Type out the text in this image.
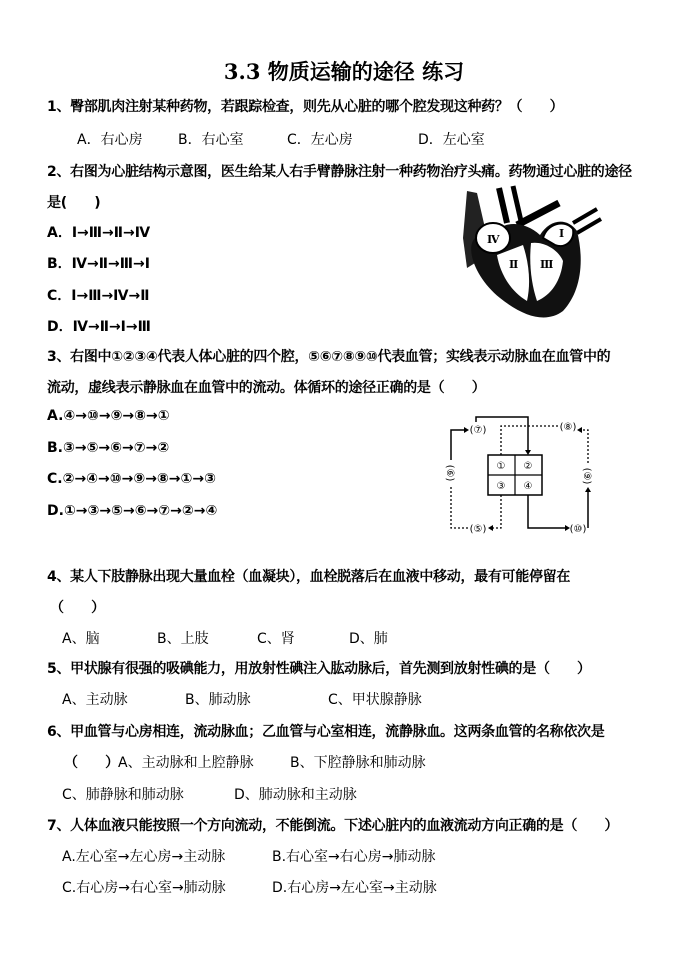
3.3 物质运输的途径 练习
1、臀部肌肉注射某种药物，若跟踪检查，则先从心脏的哪个腔发现这种药？（　　）
A．右心房	B．右心室	C．左心房	D．左心室
2、右图为心脏结构示意图，医生给某人右手臂静脉注射一种药物治疗头痛。药物通过心脏的途径
是(　　)
A．Ⅰ→Ⅲ→Ⅱ→Ⅳ
B．Ⅳ→Ⅱ→Ⅲ→Ⅰ
C．Ⅰ→Ⅲ→Ⅳ→Ⅱ
D．Ⅳ→Ⅱ→Ⅰ→Ⅲ
Ⅳ
Ⅱ Ⅲ
Ⅰ
3、右图中①②③④代表人体心脏的四个腔，⑤⑥⑦⑧⑨⑩代表血管；实线表示动脉血在血管中的
流动，虚线表示静脉血在血管中的流动。体循环的途径正确的是（　　）
A.④→⑩→⑨→⑧→①
B.③→⑤→⑥→⑦→②
C.②→④→⑩→⑨→⑧→①→③
D.①→③→⑤→⑥→⑦→②→④
① ②
③ ④
(⑥)
(⑦)	(⑧)
(⑨)
(⑤)	(⑩)
4、某人下肢静脉出现大量血栓（血凝块），血栓脱落后在血液中移动，最有可能停留在
（　　）
A、脑	B、上肢	C、肾	D、肺
5、甲状腺有很强的吸碘能力，用放射性碘注入肱动脉后，首先测到放射性碘的是（　　）
A、主动脉	B、肺动脉	C、甲状腺静脉
6、甲血管与心房相连，流动脉血；乙血管与心室相连，流静脉血。这两条血管的名称依次是
（　　） A、主动脉和上腔静脉	B、下腔静脉和肺动脉
C、肺静脉和肺动脉	D、肺动脉和主动脉
7、人体血液只能按照一个方向流动，不能倒流。下述心脏内的血液流动方向正确的是（　　）
A.左心室→左心房→主动脉	B.右心室→右心房→肺动脉
C.右心房→右心室→肺动脉	D.右心房→左心室→主动脉
